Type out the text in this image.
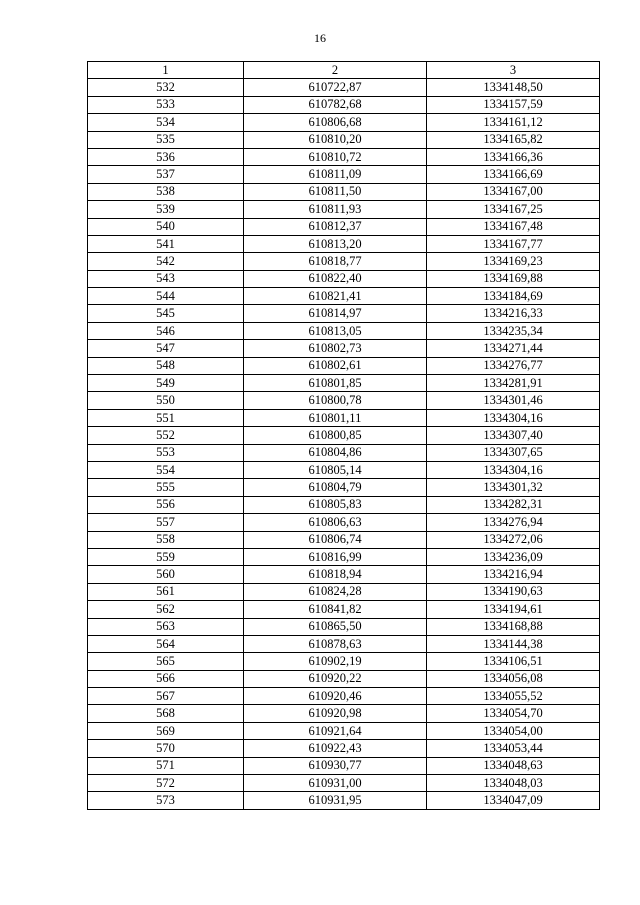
16
1	2	3
532	610722,87	1334148,50
533	610782,68	1334157,59
534	610806,68	1334161,12
535	610810,20	1334165,82
536	610810,72	1334166,36
537	610811,09	1334166,69
538	610811,50	1334167,00
539	610811,93	1334167,25
540	610812,37	1334167,48
541	610813,20	1334167,77
542	610818,77	1334169,23
543	610822,40	1334169,88
544	610821,41	1334184,69
545	610814,97	1334216,33
546	610813,05	1334235,34
547	610802,73	1334271,44
548	610802,61	1334276,77
549	610801,85	1334281,91
550	610800,78	1334301,46
551	610801,11	1334304,16
552	610800,85	1334307,40
553	610804,86	1334307,65
554	610805,14	1334304,16
555	610804,79	1334301,32
556	610805,83	1334282,31
557	610806,63	1334276,94
558	610806,74	1334272,06
559	610816,99	1334236,09
560	610818,94	1334216,94
561	610824,28	1334190,63
562	610841,82	1334194,61
563	610865,50	1334168,88
564	610878,63	1334144,38
565	610902,19	1334106,51
566	610920,22	1334056,08
567	610920,46	1334055,52
568	610920,98	1334054,70
569	610921,64	1334054,00
570	610922,43	1334053,44
571	610930,77	1334048,63
572	610931,00	1334048,03
573	610931,95	1334047,09
